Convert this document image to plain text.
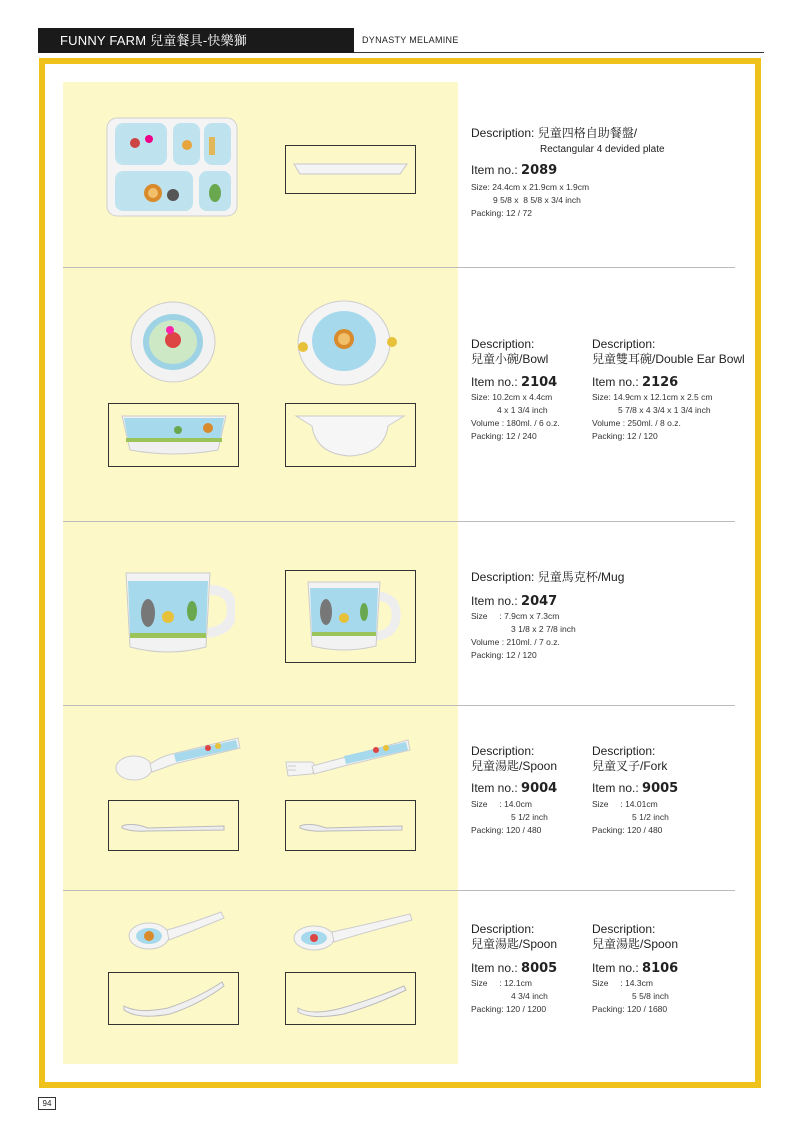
FUNNY FARM 兒童餐具-快樂獅	DYNASTY MELAMINE
Description: 兒童四格自助餐盤/
Rectangular 4 devided plate
Item no.: 2089
Size: 24.4cm x 21.9cm x 1.9cm
9 5/8 x  8 5/8 x 3/4 inch
Packing: 12 / 72
Description:
兒童小碗/Bowl
Item no.: 2104
Size: 10.2cm x 4.4cm
4 x 1 3/4 inch
Volume : 180ml. / 6 o.z.
Packing: 12 / 240
Description:
兒童雙耳碗/Double Ear Bowl
Item no.: 2126
Size: 14.9cm x 12.1cm x 2.5 cm
5 7/8 x 4 3/4 x 1 3/4 inch
Volume : 250ml. / 8 o.z.
Packing: 12 / 120
Description: 兒童馬克杯/Mug
Item no.: 2047
Size     : 7.9cm x 7.3cm
3 1/8 x 2 7/8 inch
Volume : 210ml. / 7 o.z.
Packing: 12 / 120
Description:
兒童湯匙/Spoon
Item no.: 9004
Size     : 14.0cm
5 1/2 inch
Packing: 120 / 480
Description:
兒童叉子/Fork
Item no.: 9005
Size     : 14.01cm
5 1/2 inch
Packing: 120 / 480
Description:
兒童湯匙/Spoon
Item no.: 8005
Size     : 12.1cm
4 3/4 inch
Packing: 120 / 1200
Description:
兒童湯匙/Spoon
Item no.: 8106
Size     : 14.3cm
5 5/8 inch
Packing: 120 / 1680
94
